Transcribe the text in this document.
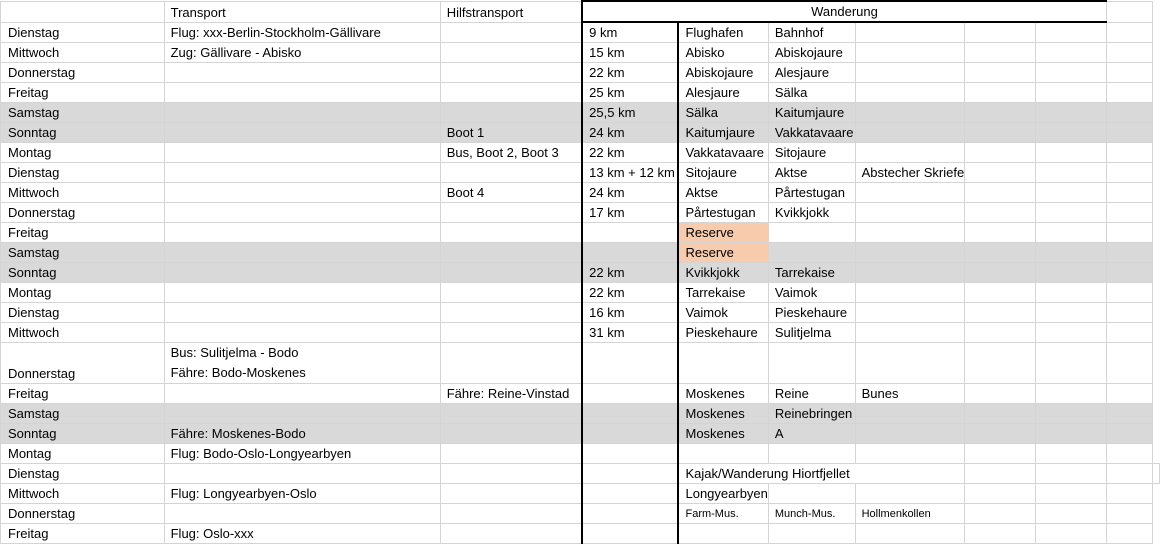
	Transport	Hilfstransport	Wanderung							
Dienstag	Flug: xxx-Berlin-Stockholm-Gällivare		9 km	Flughafen	Bahnhof					
Mittwoch	Zug: Gällivare - Abisko		15 km	Abisko	Abiskojaure					
Donnerstag			22 km	Abiskojaure	Alesjaure					
Freitag			25 km	Alesjaure	Sälka					
Samstag			25,5 km	Sälka	Kaitumjaure					
Sonntag		Boot 1	24 km	Kaitumjaure	Vakkatavaare					
Montag		Bus, Boot 2, Boot 3	22 km	Vakkatavaare	Sitojaure					
Dienstag			13 km + 12 km	Sitojaure	Aktse	Abstecher Skriefe				
Mittwoch		Boot 4	24 km	Aktse	Pårtestugan					
Donnerstag			17 km	Pårtestugan	Kvikkjokk					
Freitag				Reserve						
Samstag				Reserve						
Sonntag			22 km	Kvikkjokk	Tarrekaise					
Montag			22 km	Tarrekaise	Vaimok					
Dienstag			16 km	Vaimok	Pieskehaure					
Mittwoch			31 km	Pieskehaure	Sulitjelma					
Donnerstag	Bus: Sulitjelma - Bodo
Fähre: Bodo-Moskenes									

Freitag		Fähre: Reine-Vinstad		Moskenes	Reine	Bunes				
Samstag				Moskenes	Reinebringen					
Sonntag	Fähre: Moskenes-Bodo			Moskenes	A					
Montag	Flug: Bodo-Oslo-Longyearbyen									
Dienstag				Kajak/Wanderung Hiortfjellet						
Mittwoch	Flug: Longyearbyen-Oslo			Longyearbyen						
Donnerstag				Farm-Mus.	Munch-Mus.	Hollmenkollen				
Freitag	Flug: Oslo-xxx									
